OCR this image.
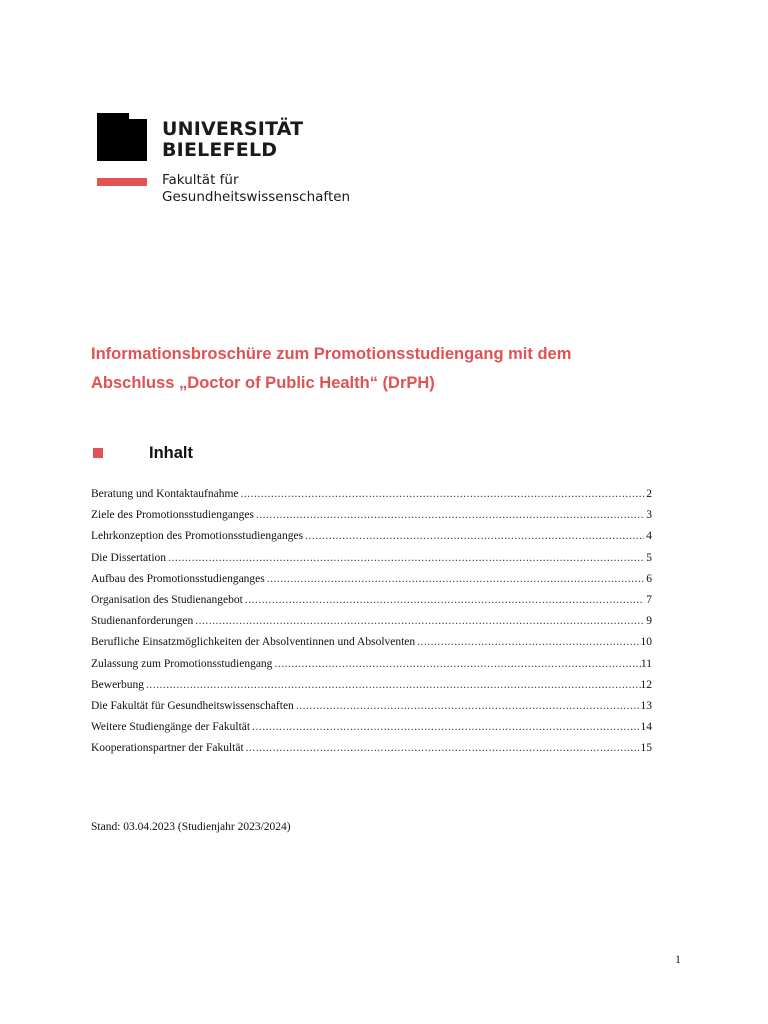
UNIVERSITÄT
BIELEFELD
Fakultät für
Gesundheitswissenschaften
Informationsbroschüre zum Promotionsstudiengang mit dem
Abschluss „Doctor of Public Health“ (DrPH)
Inhalt
Beratung und Kontaktaufnahme .....	2
Ziele des Promotionsstudienganges .....	3
Lehrkonzeption des Promotionsstudienganges .....	4
Die Dissertation .....	5
Aufbau des Promotionsstudienganges .....	6
Organisation des Studienangebot .....	7
Studienanforderungen .....	9
Berufliche Einsatzmöglichkeiten der Absolventinnen und Absolventen .....	10
Zulassung zum Promotionsstudiengang .....	11
Bewerbung .....	12
Die Fakultät für Gesundheitswissenschaften .....	13
Weitere Studiengänge der Fakultät .....	14
Kooperationspartner der Fakultät .....	15
Stand: 03.04.2023 (Studienjahr 2023/2024)
1
